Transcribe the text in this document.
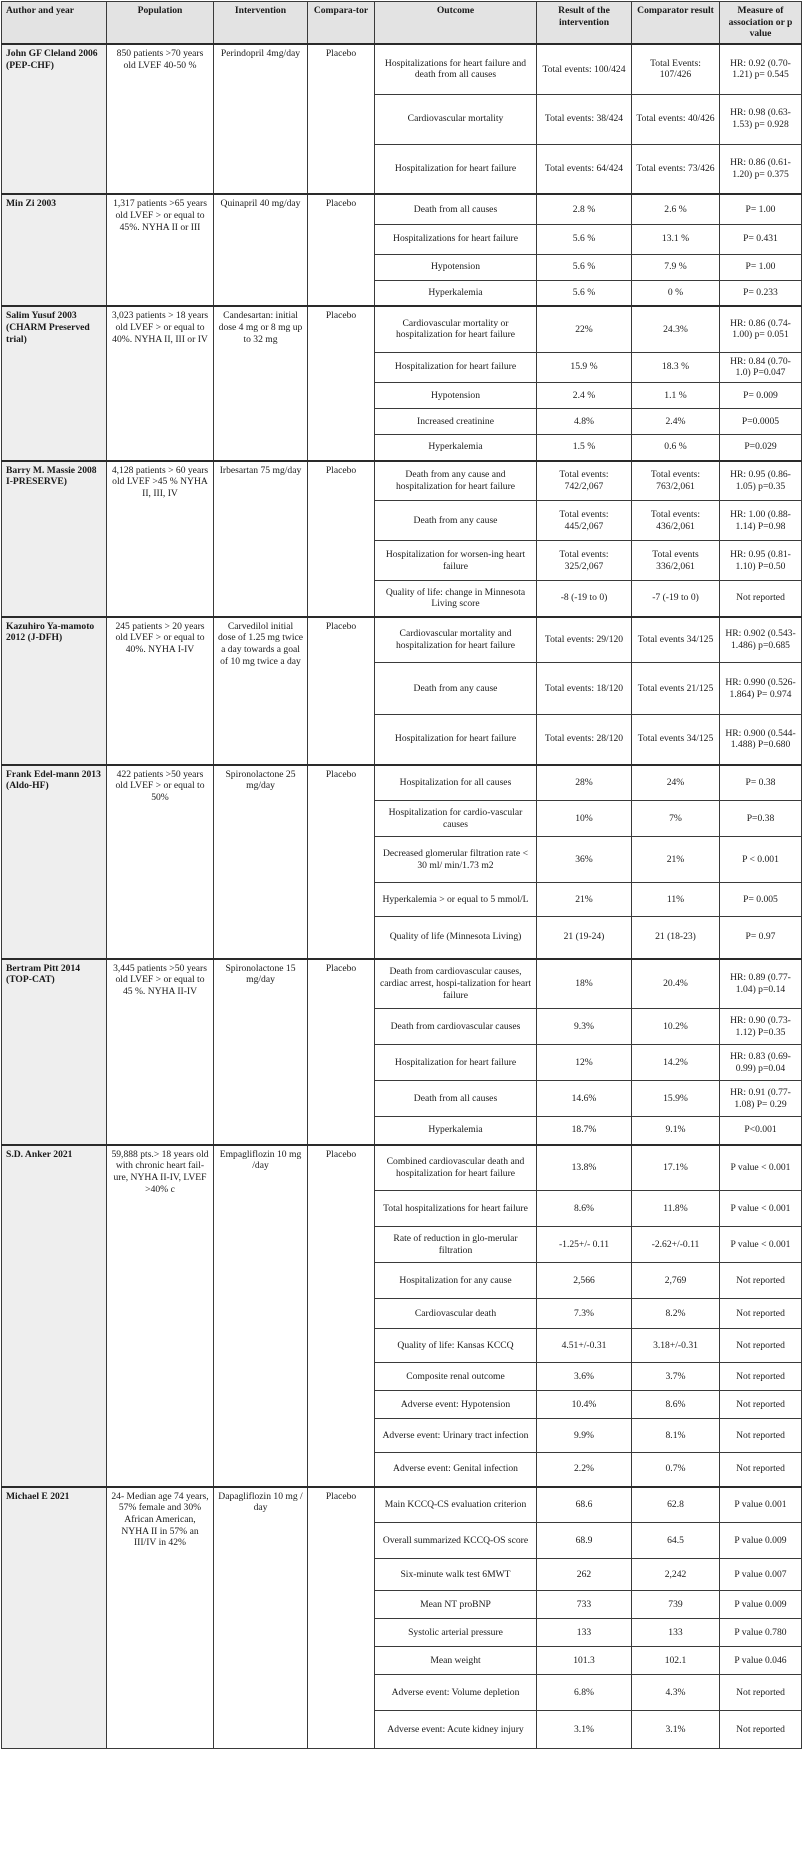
Author and year	Population	Intervention	Compara-tor	Outcome	Result of the intervention	Comparator result	Measure of association or p value
John GF Cleland 2006 (PEP-CHF)	850 patients >70 years old LVEF 40-50 %	Perindopril 4mg/day	Placebo	Hospitalizations for heart failure and death from all causes	Total events: 100/424	Total Events: 107/426	HR: 0.92 (0.70-1.21) p= 0.545
				Cardiovascular mortality	Total events: 38/424	Total events: 40/426	HR: 0.98 (0.63-1.53) p= 0.928
				Hospitalization for heart failure	Total events: 64/424	Total events: 73/426	HR: 0.86 (0.61-1.20) p= 0.375
Min Zi 2003	1,317 patients >65 years old LVEF > or equal to 45%. NYHA II or III	Quinapril 40 mg/day	Placebo	Death from all causes	2.8 %	2.6 %	P= 1.00
				Hospitalizations for heart failure	5.6 %	13.1 %	P= 0.431
				Hypotension	5.6 %	7.9 %	P= 1.00
				Hyperkalemia	5.6 %	0 %	P= 0.233
Salim Yusuf 2003 (CHARM Preserved trial)	3,023 patients > 18 years old LVEF > or equal to 40%. NYHA II, III or IV	Candesartan: initial dose 4 mg or 8 mg up to 32 mg	Placebo	Cardiovascular mortality or hospitalization for heart failure	22%	24.3%	HR: 0.86 (0.74-1.00) p= 0.051
				Hospitalization for heart failure	15.9 %	18.3 %	HR: 0.84 (0.70-1.0) P=0.047
				Hypotension	2.4 %	1.1 %	P= 0.009
				Increased creatinine	4.8%	2.4%	P=0.0005
				Hyperkalemia	1.5 %	0.6 %	P=0.029
Barry M. Massie 2008 I-PRESERVE)	4,128 patients > 60 years old LVEF >45 % NYHA II, III, IV	Irbesartan 75 mg/day	Placebo	Death from any cause and hospitalization for heart failure	Total events: 742/2,067	Total events: 763/2,061	HR: 0.95 (0.86-1.05) p=0.35
				Death from any cause	Total events: 445/2,067	Total events: 436/2,061	HR: 1.00 (0.88-1.14) P=0.98
				Hospitalization for worsen-ing heart failure	Total events: 325/2,067	Total events 336/2,061	HR: 0.95 (0.81-1.10) P=0.50
				Quality of life: change in Minnesota Living score	-8 (-19 to 0)	-7 (-19 to 0)	Not reported
Kazuhiro Ya-mamoto 2012 (J-DFH)	245 patients > 20 years old LVEF > or equal to 40%. NYHA I-IV	Carvedilol initial dose of 1.25 mg twice a day towards a goal of 10 mg twice a day	Placebo	Cardiovascular mortality and hospitalization for heart failure	Total events: 29/120	Total events 34/125	HR: 0.902 (0.543-1.486) p=0.685
				Death from any cause	Total events: 18/120	Total events 21/125	HR: 0.990 (0.526-1.864) P= 0.974
				Hospitalization for heart failure	Total events: 28/120	Total events 34/125	HR: 0.900 (0.544-1.488) P=0.680
Frank Edel-mann 2013 (Aldo-HF)	422 patients >50 years old LVEF > or equal to 50%	Spironolactone 25 mg/day	Placebo	Hospitalization for all causes	28%	24%	P= 0.38
				Hospitalization for cardio-vascular causes	10%	7%	P=0.38
				Decreased glomerular filtration rate < 30 ml/ min/1.73 m2	36%	21%	P < 0.001
				Hyperkalemia > or equal to 5 mmol/L	21%	11%	P= 0.005
				Quality of life (Minnesota Living)	21 (19-24)	21 (18-23)	P= 0.97
Bertram Pitt 2014 (TOP-CAT)	3,445 patients >50 years old LVEF > or equal to 45 %. NYHA II-IV	Spironolactone 15 mg/day	Placebo	Death from cardiovascular causes, cardiac arrest, hospi-talization for heart failure	18%	20.4%	HR: 0.89 (0.77-1.04) p=0.14
				Death from cardiovascular causes	9.3%	10.2%	HR: 0.90 (0.73-1.12) P=0.35
				Hospitalization for heart failure	12%	14.2%	HR: 0.83 (0.69-0.99) p=0.04
				Death from all causes	14.6%	15.9%	HR: 0.91 (0.77-1.08) P= 0.29
				Hyperkalemia	18.7%	9.1%	P<0.001
S.D. Anker 2021	59,888 pts.> 18 years old with chronic heart fail-ure, NYHA II-IV, LVEF >40% c	Empagliflozin 10 mg /day	Placebo	Combined cardiovascular death and hospitalization for heart failure	13.8%	17.1%	P value < 0.001
				Total hospitalizations for heart failure	8.6%	11.8%	P value < 0.001
				Rate of reduction in glo-merular filtration	-1.25+/- 0.11	-2.62+/-0.11	P value < 0.001
				Hospitalization for any cause	2,566	2,769	Not reported
				Cardiovascular death	7.3%	8.2%	Not reported
				Quality of life: Kansas KCCQ	4.51+/-0.31	3.18+/-0.31	Not reported
				Composite renal outcome	3.6%	3.7%	Not reported
				Adverse event: Hypotension	10.4%	8.6%	Not reported
				Adverse event: Urinary tract infection	9.9%	8.1%	Not reported
				Adverse event: Genital infection	2.2%	0.7%	Not reported
Michael E 2021	24- Median age 74 years, 57% female and 30% African American, NYHA II in 57% an III/IV in 42%	Dapagliflozin 10 mg / day	Placebo	Main KCCQ-CS evaluation criterion	68.6	62.8	P value 0.001
				Overall summarized KCCQ-OS score	68.9	64.5	P value 0.009
				Six-minute walk test 6MWT	262	2,242	P value 0.007
				Mean NT proBNP	733	739	P value 0.009
				Systolic arterial pressure	133	133	P value 0.780
				Mean weight	101.3	102.1	P value 0.046
				Adverse event: Volume depletion	6.8%	4.3%	Not reported
				Adverse event: Acute kidney injury	3.1%	3.1%	Not reported
